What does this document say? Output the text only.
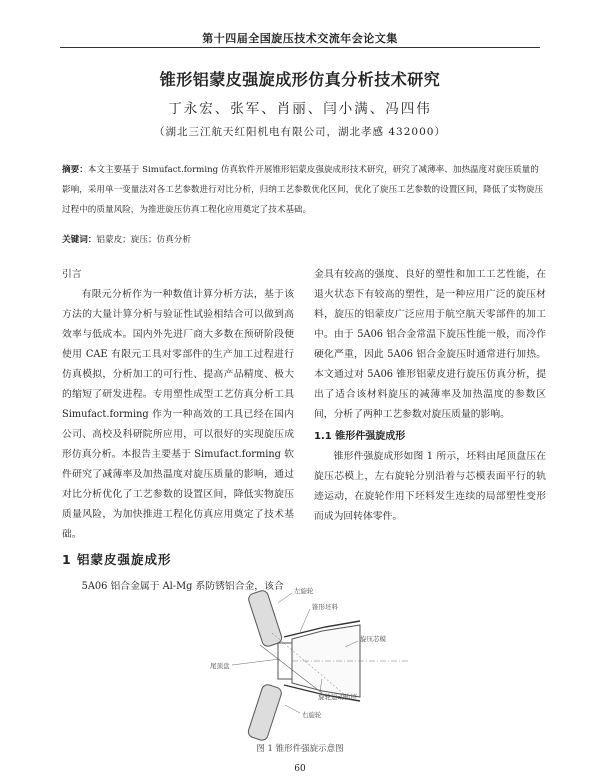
第十四届全国旋压技术交流年会论文集
锥形铝蒙皮强旋成形仿真分析技术研究
丁永宏、张军、肖丽、闫小满、冯四伟
（湖北三江航天红阳机电有限公司，湖北孝感 432000）
摘要：本文主要基于 Simufact.forming 仿真软件开展锥形铝蒙皮强旋成形技术研究，研究了减薄率、加热温度对旋压质量的影响，采用单一变量法对各工艺参数进行对比分析，归纳工艺参数优化区间，优化了旋压工艺参数的设置区间，降低了实物旋压过程中的质量风险，为推进旋压仿真工程化应用奠定了技术基础。
关键词：铝蒙皮；旋压；仿真分析

引言

有限元分析作为一种数值计算分析方法，基于该方法的大量计算分析与验证性试验相结合可以做到高效率与低成本。国内外先进厂商大多数在预研阶段便使用 CAE 有限元工具对零部件的生产加工过程进行仿真模拟，分析加工的可行性、提高产品精度、极大的缩短了研发进程。专用塑性成型工艺仿真分析工具 Simufact.forming 作为一种高效的工具已经在国内公司、高校及科研院所应用，可以很好的实现旋压成形仿真分析。本报告主要基于 Simufact.forming 软件研究了减薄率及加热温度对旋压质量的影响，通过对比分析优化了工艺参数的设置区间，降低实物旋压质量风险，为加快推进工程化仿真应用奠定了技术基础。

1 铝蒙皮强旋成形

5A06 铝合金属于 Al-Mg 系防锈铝合金，该合

金具有较高的强度、良好的塑性和加工工艺性能，在退火状态下有较高的塑性，是一种应用广泛的旋压材料，旋压的铝蒙皮广泛应用于航空航天零部件的加工中。由于 5A06 铝合金常温下旋压性能一般，而冷作硬化严重，因此 5A06 铝合金旋压时通常进行加热。本文通过对 5A06 锥形铝蒙皮进行旋压仿真分析，提出了适合该材料旋压的减薄率及加热温度的参数区间，分析了两种工艺参数对旋压质量的影响。

1.1 锥形件强旋成形

锥形件强旋成形如图 1 所示，坯料由尾顶盘压在旋压芯模上，左右旋轮分别沿着与芯模表面平行的轨迹运动，在旋轮作用下坯料发生连续的局部塑性变形而成为回转体零件。

左旋轮
锥形坯料
旋压芯模
尾顶盘
旋轮运动轨迹
右旋轮
图 1 锥形件强旋示意图
60
